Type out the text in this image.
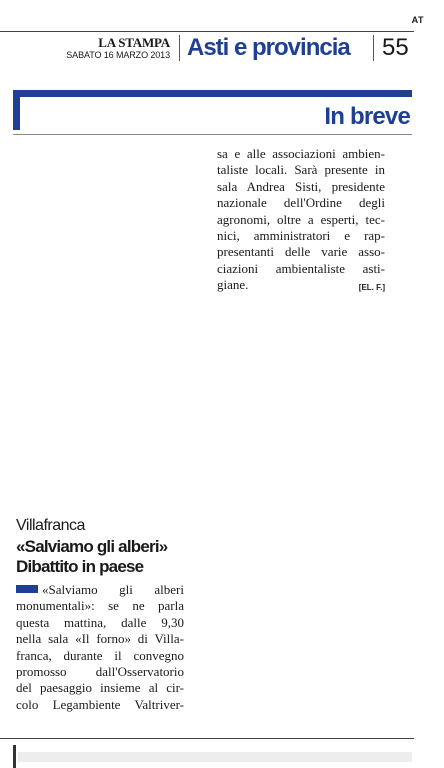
AT
LA STAMPA
SABATO 16 MARZO 2013 Asti e provincia 55
In breve
sa e alle associazioni ambien-
taliste locali. Sarà presente in
sala Andrea Sisti, presidente
nazionale dell'Ordine degli
agronomi, oltre a esperti, tec-
nici, amministratori e rap-
presentanti delle varie asso-
ciazioni ambientaliste asti-
giane.	[EL. F.]
Villafranca
«Salviamo gli alberi»
Dibattito in paese
«Salviamo gli alberi
monumentali»: se ne parla
questa mattina, dalle 9,30
nella sala «Il forno» di Villa-
franca, durante il convegno
promosso dall'Osservatorio
del paesaggio insieme al cir-
colo Legambiente Valtriver-
